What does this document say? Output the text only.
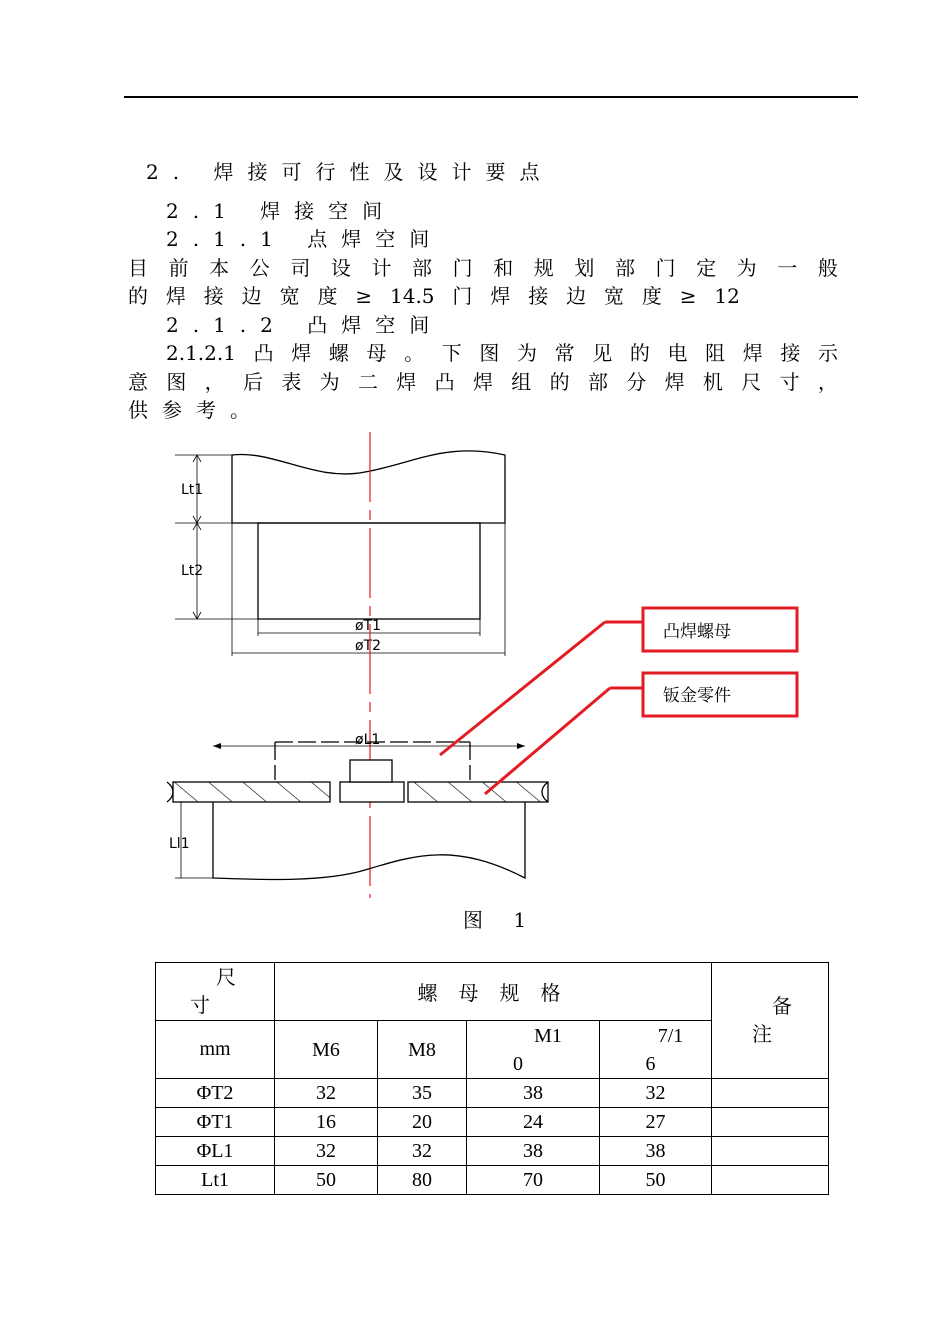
2. 焊接可行性及设计要点
2.1 焊接空间
2.1.1 点焊空间
目 前 本 公 司 设 计 部 门 和 规 划 部 门 定 为 一 般
的 焊 接 边 宽 度 ≥ 14.5 门 焊 接 边 宽 度 ≥ 12
2.1.2 凸焊空间
2.1.2.1 凸 焊 螺 母 。 下 图 为 常 见 的 电 阻 焊 接 示
意 图 ， 后 表 为 二 焊 凸 焊 组 的 部 分 焊 机 尺 寸 ，
供参考。
Lt1
Lt2
øT1
øT2
øL1
Ll1
凸焊螺母
钣金零件
图 1
尺
寸	螺 母 规 格				备
注

mm	M6	M8	M1
0	7/1
6	

ΦT2	32	35	38	32	
ΦT1	16	20	24	27	
ΦL1	32	32	38	38	
Lt1	50	80	70	50	
